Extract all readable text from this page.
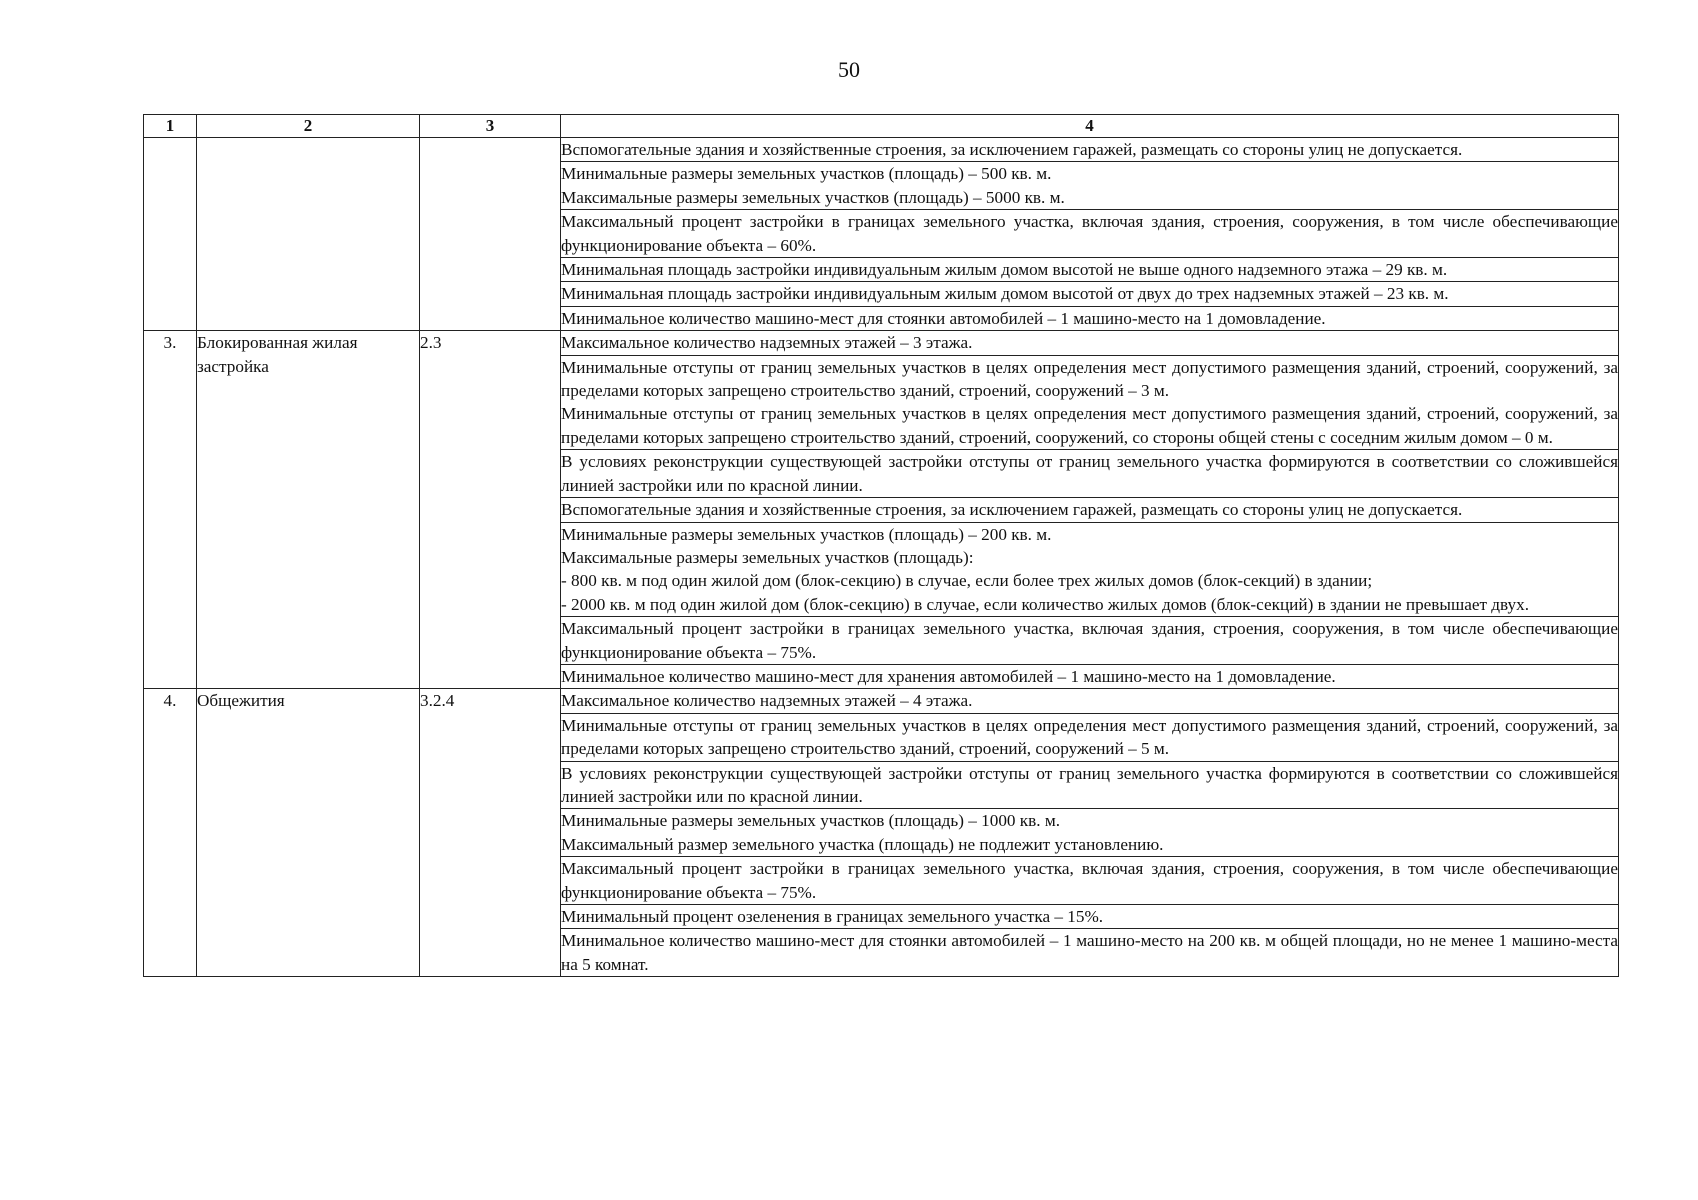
50
1	2	3	4
			Вспомогательные здания и хозяйственные строения, за исключением гаражей, размещать со стороны улиц не допускается.

			Минимальные размеры земельных участков (площадь) – 500 кв. м.
Максимальные размеры земельных участков (площадь) – 5000 кв. м.

			Максимальный процент застройки в границах земельного участка, включая здания, строения, сооружения, в том числе обеспечивающие функционирование объекта – 60%.
			Минимальная площадь застройки индивидуальным жилым домом высотой не выше одного надземного этажа – 29 кв. м.
			Минимальная площадь застройки индивидуальным жилым домом высотой от двух до трех надземных этажей – 23 кв. м.
			Минимальное количество машино-мест для стоянки автомобилей – 1 машино-место на 1 домовладение.
3.	Блокированная жилая застройка	2.3	Максимальное количество надземных этажей – 3 этажа.

			Минимальные отступы от границ земельных участков в целях определения мест допустимого размещения зданий, строений, сооружений, за пределами которых запрещено строительство зданий, строений, сооружений – 3 м.
Минимальные отступы от границ земельных участков в целях определения мест допустимого размещения зданий, строений, сооружений, за пределами которых запрещено строительство зданий, строений, сооружений, со стороны общей стены с соседним жилым домом – 0 м.

			В условиях реконструкции существующей застройки отступы от границ земельного участка формируются в соответствии со сложившейся линией застройки или по красной линии.
			Вспомогательные здания и хозяйственные строения, за исключением гаражей, размещать со стороны улиц не допускается.

			Минимальные размеры земельных участков (площадь) – 200 кв. м.
Максимальные размеры земельных участков (площадь):
- 800 кв. м под один жилой дом (блок-секцию) в случае, если более трех жилых домов (блок-секций) в здании;
- 2000 кв. м под один жилой дом (блок-секцию) в случае, если количество жилых домов (блок-секций) в здании не превышает двух.

			Максимальный процент застройки в границах земельного участка, включая здания, строения, сооружения, в том числе обеспечивающие функционирование объекта – 75%.
			Минимальное количество машино-мест для хранения автомобилей – 1 машино-место на 1 домовладение.
4.	Общежития	3.2.4	Максимальное количество надземных этажей – 4 этажа.
			Минимальные отступы от границ земельных участков в целях определения мест допустимого размещения зданий, строений, сооружений, за пределами которых запрещено строительство зданий, строений, сооружений – 5 м.
			В условиях реконструкции существующей застройки отступы от границ земельного участка формируются в соответствии со сложившейся линией застройки или по красной линии.

			Минимальные размеры земельных участков (площадь) – 1000 кв. м.
Максимальный размер земельного участка (площадь) не подлежит установлению.

			Максимальный процент застройки в границах земельного участка, включая здания, строения, сооружения, в том числе обеспечивающие функционирование объекта – 75%.
			Минимальный процент озеленения в границах земельного участка – 15%.
			Минимальное количество машино-мест для стоянки автомобилей – 1 машино-место на 200 кв. м общей площади, но не менее 1 машино-места на 5 комнат.
